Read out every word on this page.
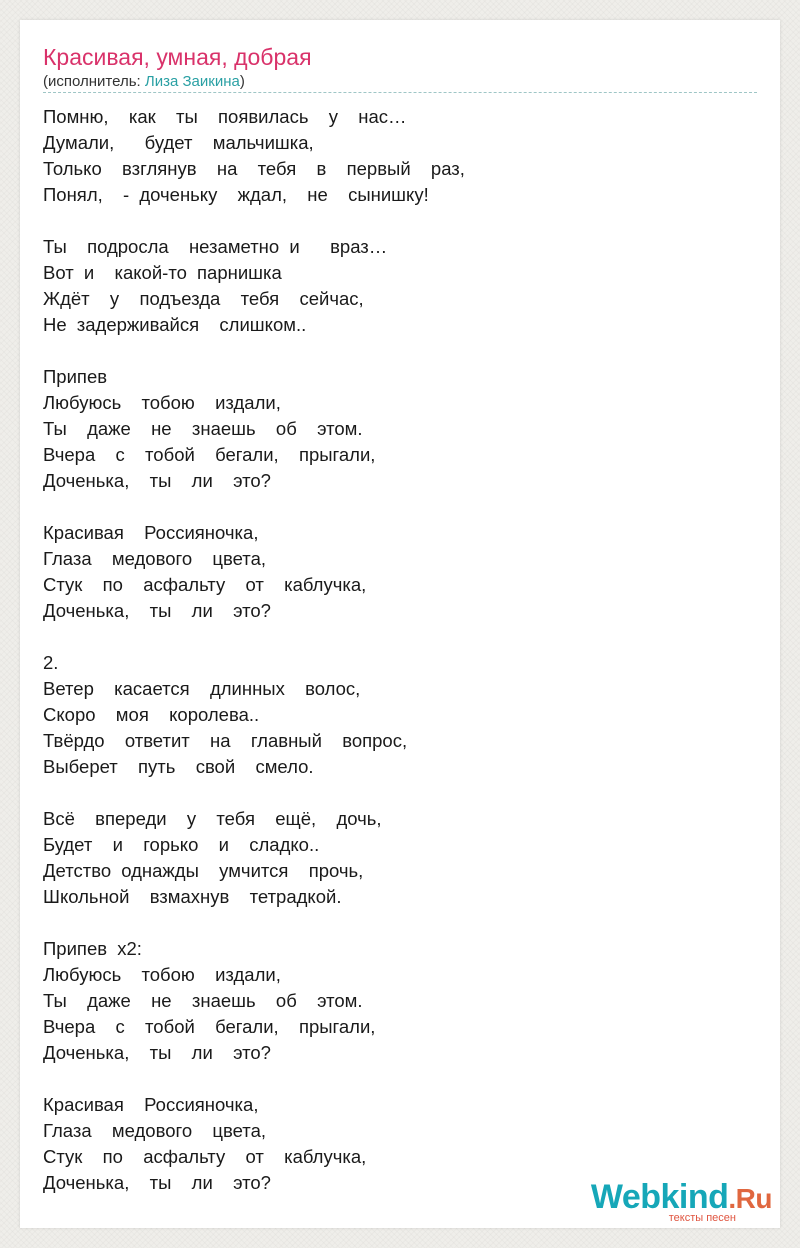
Красивая, умная, добрая
(исполнитель: Лиза Заикина)
Помню,  как  ты  появилась  у  нас…
Думали,   будет  мальчишка,
Только  взглянув  на  тебя  в  первый  раз,
Понял,  - доченьку  ждал,  не  сынишку!
Ты  подросла  незаметно и   враз…
Вот и  какой-то парнишка
Ждёт  у  подъезда  тебя  сейчас,
Не задерживайся  слишком..
Припев
Любуюсь  тобою  издали,
Ты  даже  не  знаешь  об  этом.
Вчера  с  тобой  бегали,  прыгали,
Доченька,  ты  ли  это?
Красивая  Россияночка,
Глаза  медового  цвета,
Стук  по  асфальту  от  каблучка,
Доченька,  ты  ли  это?
2.
Ветер  касается  длинных  волос,
Скоро  моя  королева..
Твёрдо  ответит  на  главный  вопрос,
Выберет  путь  свой  смело.
Всё  впереди  у  тебя  ещё,  дочь,
Будет  и  горько  и  сладко..
Детство однажды  умчится  прочь,
Школьной  взмахнув  тетрадкой.
Припев х2:
Любуюсь  тобою  издали,
Ты  даже  не  знаешь  об  этом.
Вчера  с  тобой  бегали,  прыгали,
Доченька,  ты  ли  это?
Красивая  Россияночка,
Глаза  медового  цвета,
Стук  по  асфальту  от  каблучка,
Доченька,  ты  ли  это?	Webkind.Ru
тексты песен
